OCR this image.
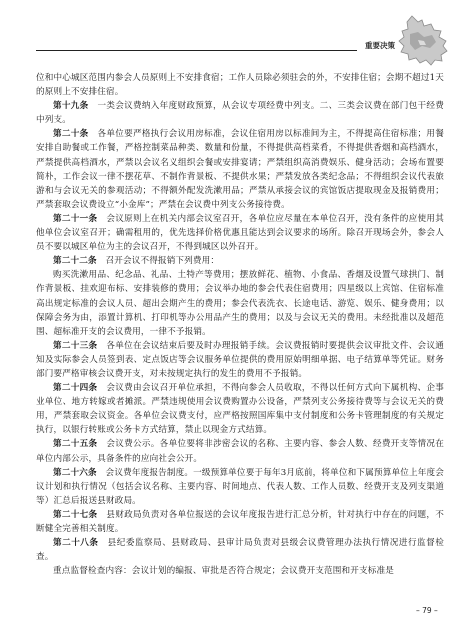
重要决策

位和中心城区范围内参会人员原则上不安排食宿；工作人员除必须驻会的外，不安排住宿；会期不超过1天的原则上不安排住宿。

第十九条  一类会议费纳入年度财政预算，从会议专项经费中列支。二、三类会议费在部门包干经费中列支。

第二十条  各单位要严格执行会议用房标准，会议住宿用房以标准间为主，不得提高住宿标准；用餐安排自助餐或工作餐，严格控制菜品种类、数量和份量，不得提供高档菜肴，不得提供香烟和高档酒水，严禁提供高档酒水，严禁以会议名义组织会餐或安排宴请；严禁组织高消费娱乐、健身活动；会场布置要简朴，工作会议一律不摆花草、不制作背景板、不提供水果；严禁发放各类纪念品；不得组织会议代表旅游和与会议无关的参观活动；不得额外配发洗漱用品；严禁从承接会议的宾馆饭店提取现金及报销费用；严禁套取会议费设立“小金库”；严禁在会议费中列支公务接待费。

第二十一条  会议原则上在机关内部会议室召开，各单位应尽量在本单位召开，没有条件的应使用其他单位会议室召开；确需租用的，优先选择价格优惠且能达到会议要求的场所。除召开现场会外，参会人员不要以城区单位为主的会议召开，不得到城区以外召开。

第二十二条  召开会议不得报销下列费用：

购买洗漱用品、纪念品、礼品、土特产等费用；摆放鲜花、植物、小食品、香烟及设置气球拱门、制作背景板、挂欢迎布标、安排装修的费用；会议举办地的参会代表住宿费用；四星级以上宾馆、住宿标准高出规定标准的会议人员、超出会期产生的费用；参会代表洗衣、长途电话、游览、娱乐、健身费用；以保障会务为由，添置计算机、打印机等办公用品产生的费用；以及与会议无关的费用。未经批准以及超范围、超标准开支的会议费用，一律不予报销。

第二十三条  各单位在会议结束后要及时办理报销手续。会议费报销时要提供会议审批文件、会议通知及实际参会人员签到表、定点饭店等会议服务单位提供的费用原始明细单据、电子结算单等凭证。财务部门要严格审核会议费开支，对未按规定执行的发生的费用不予报销。

第二十四条  会议费由会议召开单位承担，不得向参会人员收取，不得以任何方式向下属机构、企事业单位、地方转嫁或者摊派。严禁违规使用会议费购置办公设备，严禁列支公务接待费等与会议无关的费用，严禁套取会议资金。各单位会议费支付，应严格按照国库集中支付制度和公务卡管理制度的有关规定执行，以银行转账或公务卡方式结算，禁止以现金方式结算。

第二十五条  会议费公示。各单位要将非涉密会议的名称、主要内容、参会人数、经费开支等情况在单位内部公示，具备条件的应向社会公开。

第二十六条  会议费年度报告制度。一级预算单位要于每年3月底前，将单位和下属预算单位上年度会议计划和执行情况（包括会议名称、主要内容、时间地点、代表人数、工作人员数、经费开支及列支渠道等）汇总后报送县财政局。

第二十七条  县财政局负责对各单位报送的会议年度报告进行汇总分析，针对执行中存在的问题，不断健全完善相关制度。

第二十八条  县纪委监察局、县财政局、县审计局负责对县级会议费管理办法执行情况进行监督检查。

重点监督检查内容：会议计划的编报、审批是否符合规定；会议费开支范围和开支标准是

– 79 –
